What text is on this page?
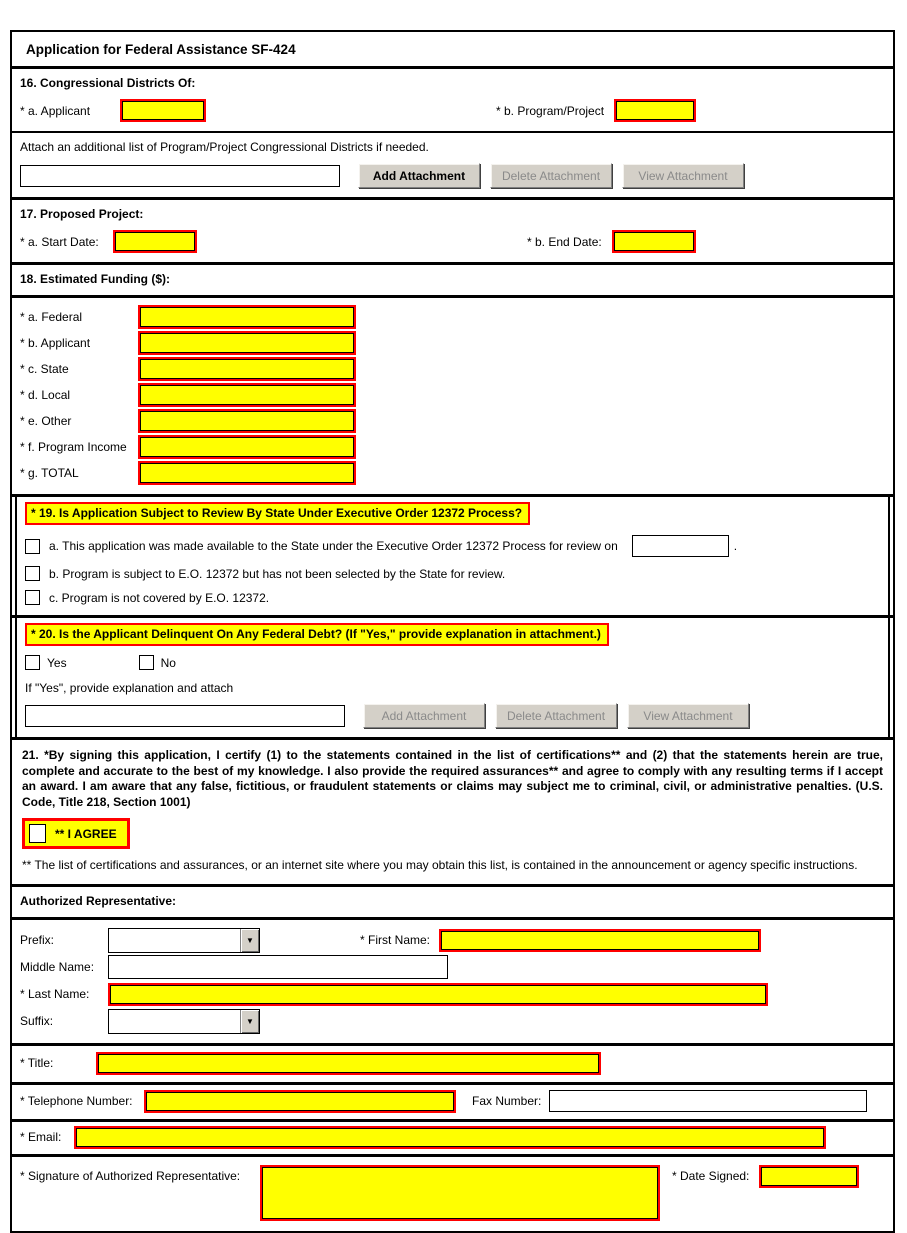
Application for Federal Assistance SF-424
16. Congressional Districts Of:
* a. Applicant	* b. Program/Project
Attach an additional list of Program/Project Congressional Districts if needed.
Add Attachment	Delete Attachment	View Attachment
17. Proposed Project:
* a. Start Date:	* b. End Date:
18. Estimated Funding ($):
* a. Federal
* b. Applicant
* c. State
* d. Local
* e. Other
* f. Program Income
* g. TOTAL
* 19. Is Application Subject to Review By State Under Executive Order 12372 Process?
a. This application was made available to the State under the Executive Order 12372 Process for review on	.
b. Program is subject to E.O. 12372 but has not been selected by the State for review.
c. Program is not covered by E.O. 12372.
* 20. Is the Applicant Delinquent On Any Federal Debt? (If "Yes," provide explanation in attachment.)
Yes	No
If "Yes", provide explanation and attach
Add Attachment	Delete Attachment	View Attachment
21. *By signing this application, I certify (1) to the statements contained in the list of certifications** and (2) that the statements herein are true, complete and accurate to the best of my knowledge. I also provide the required assurances** and agree to comply with any resulting terms if I accept an award. I am aware that any false, fictitious, or fraudulent statements or claims may subject me to criminal, civil, or administrative penalties. (U.S. Code, Title 218, Section 1001)
** I AGREE
** The list of certifications and assurances, or an internet site where you may obtain this list, is contained in the announcement or agency specific instructions.
Authorized Representative:
Prefix:	▼	* First Name:
Middle Name:
* Last Name:
Suffix:	▼
* Title:
* Telephone Number:	Fax Number:
* Email:
* Signature of Authorized Representative:	* Date Signed:
